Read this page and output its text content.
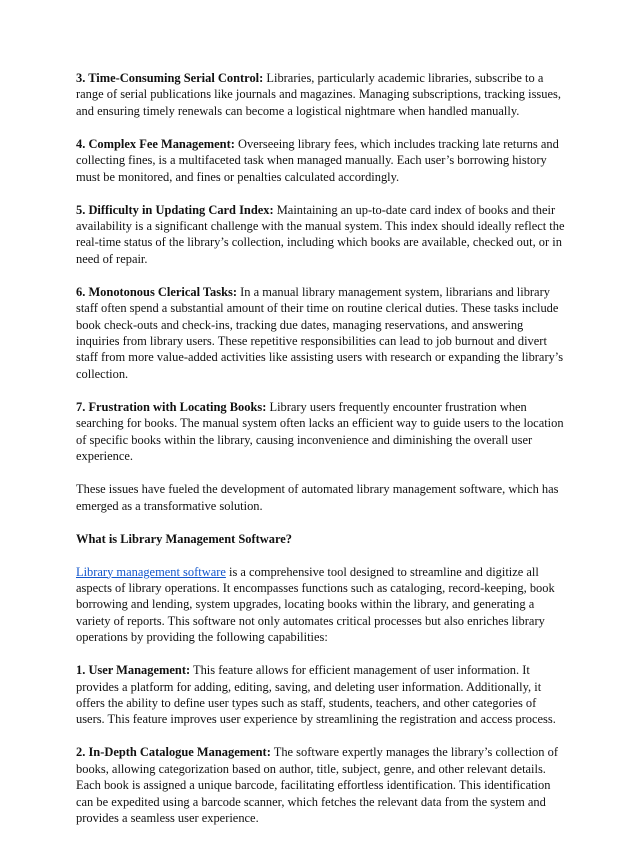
3. Time-Consuming Serial Control: Libraries, particularly academic libraries, subscribe to a range of serial publications like journals and magazines. Managing subscriptions, tracking issues, and ensuring timely renewals can become a logistical nightmare when handled manually.

4. Complex Fee Management: Overseeing library fees, which includes tracking late returns and collecting fines, is a multifaceted task when managed manually. Each user’s borrowing history must be monitored, and fines or penalties calculated accordingly.

5. Difficulty in Updating Card Index: Maintaining an up-to-date card index of books and their availability is a significant challenge with the manual system. This index should ideally reflect the real-time status of the library’s collection, including which books are available, checked out, or in need of repair.

6. Monotonous Clerical Tasks: In a manual library management system, librarians and library staff often spend a substantial amount of their time on routine clerical duties. These tasks include book check-outs and check-ins, tracking due dates, managing reservations, and answering inquiries from library users. These repetitive responsibilities can lead to job burnout and divert staff from more value-added activities like assisting users with research or expanding the library’s collection.

7. Frustration with Locating Books: Library users frequently encounter frustration when searching for books. The manual system often lacks an efficient way to guide users to the location of specific books within the library, causing inconvenience and diminishing the overall user experience.

These issues have fueled the development of automated library management software, which has emerged as a transformative solution.

What is Library Management Software?

Library management software is a comprehensive tool designed to streamline and digitize all aspects of library operations. It encompasses functions such as cataloging, record-keeping, book borrowing and lending, system upgrades, locating books within the library, and generating a variety of reports. This software not only automates critical processes but also enriches library operations by providing the following capabilities:

1. User Management: This feature allows for efficient management of user information. It provides a platform for adding, editing, saving, and deleting user information. Additionally, it offers the ability to define user types such as staff, students, teachers, and other categories of users. This feature improves user experience by streamlining the registration and access process.

2. In-Depth Catalogue Management: The software expertly manages the library’s collection of books, allowing categorization based on author, title, subject, genre, and other relevant details. Each book is assigned a unique barcode, facilitating effortless identification. This identification can be expedited using a barcode scanner, which fetches the relevant data from the system and provides a seamless user experience.
